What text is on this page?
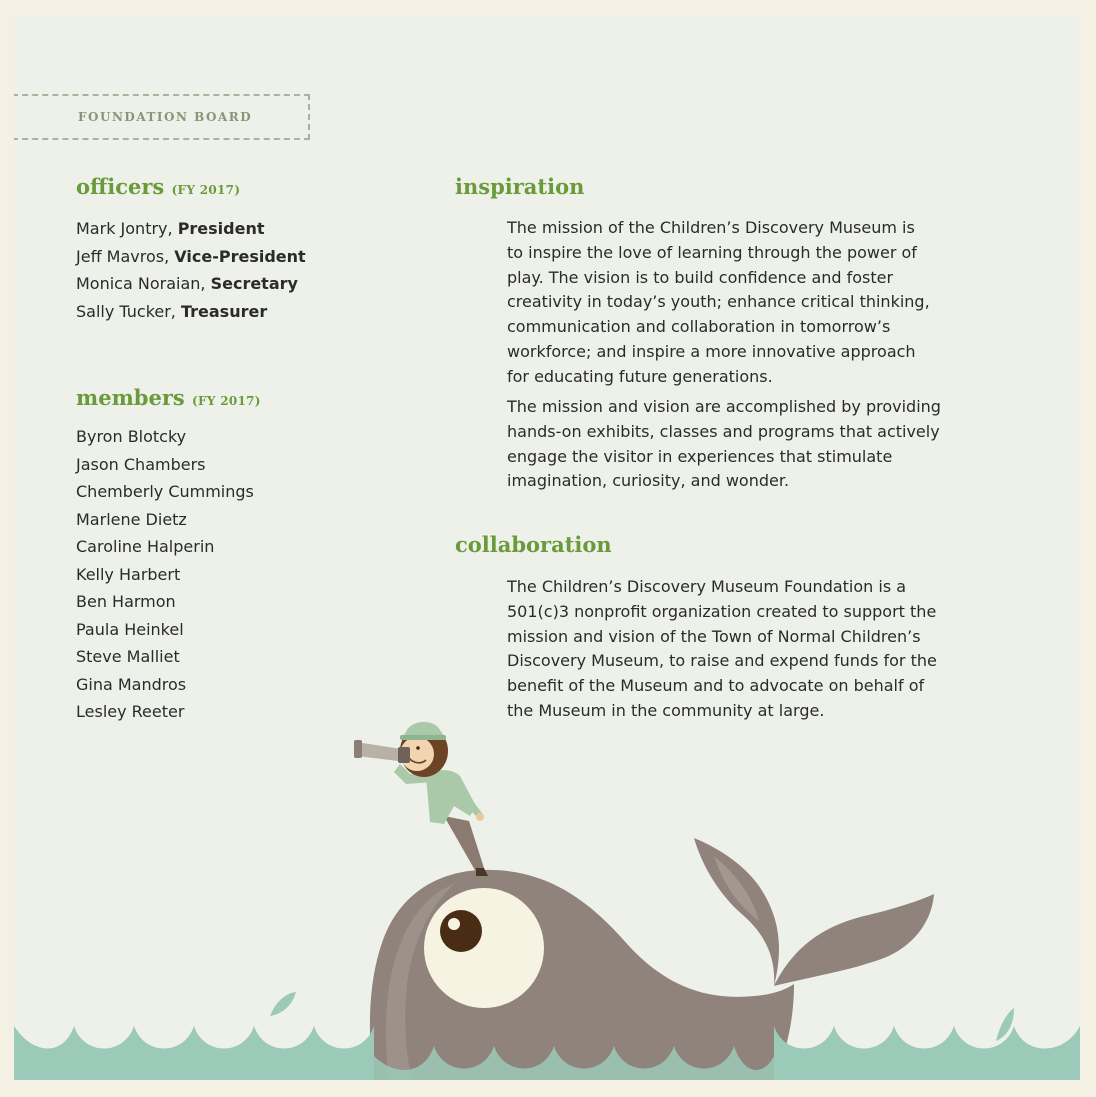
FOUNDATION BOARD
officers (FY 2017)
Mark Jontry, President
Jeff Mavros, Vice-President
Monica Noraian, Secretary
Sally Tucker, Treasurer
members (FY 2017)
Byron Blotcky
Jason Chambers
Chemberly Cummings
Marlene Dietz
Caroline Halperin
Kelly Harbert
Ben Harmon
Paula Heinkel
Steve Malliet
Gina Mandros
Lesley Reeter
inspiration

The mission of the Children’s Discovery Museum is to inspire the love of learning through the power of play. The vision is to build confidence and foster creativity in today’s youth; enhance critical thinking, communication and collaboration in tomorrow’s workforce; and inspire a more innovative approach for educating future generations.

The mission and vision are accomplished by providing hands-on exhibits, classes and programs that actively engage the visitor in experiences that stimulate imagination, curiosity, and wonder.

collaboration

The Children’s Discovery Museum Foundation is a 501(c)3 nonprofit organization created to support the mission and vision of the Town of Normal Children’s Discovery Museum, to raise and expend funds for the benefit of the Museum and to advocate on behalf of the Museum in the community at large.
